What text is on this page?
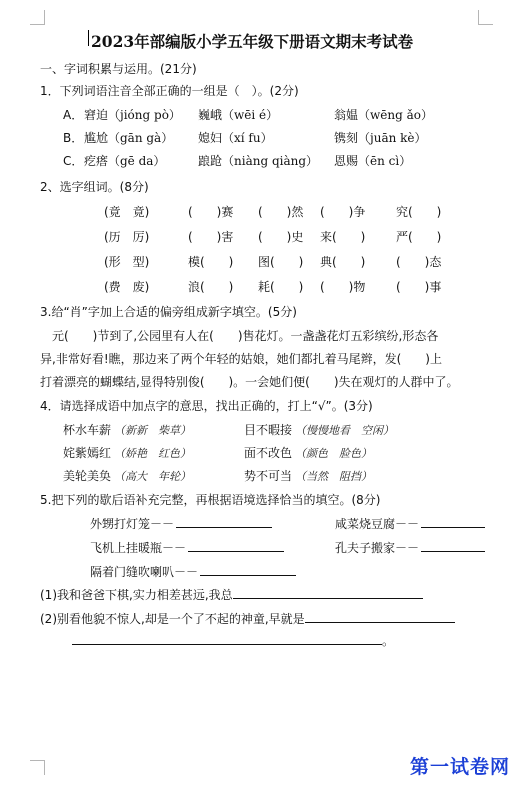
2023年部编版小学五年级下册语文期末考试卷
一、字词积累与运用。(21分)
1．下列词语注音全部正确的一组是（　）。(2分)
A． 窘迫（jióng pò） 巍峨（wēi é）	翁媪（wēng ǎo）
B． 尴尬（gān gà） 媳妇（xí fu）	镌刻（juān kè）
C． 疙瘩（gē da）	踉跄（niàng qiàng） 恩赐（ēn cì）
2、选字组词。(8分)
(竟　竟)	(　　)赛 (　　)然 (　　)争	究(　　)
(历　厉)	(　　)害 (　　)史 来(　　)	严(　　)
(形　型)	模(　　) 图(　　) 典(　　)	(　　)态
(费　废)	浪(　　) 耗(　　) (　　)物	(　　)事
3.给“肖”字加上合适的偏旁组成新字填空。(5分)
　元(　　)节到了,公园里有人在(　　)售花灯。一盏盏花灯五彩缤纷,形态各
异,非常好看!瞧，那边来了两个年轻的姑娘，她们都扎着马尾辫，发(　　)上
打着漂亮的蝴蝶结,显得特别俊(　　)。一会她们便(　　)失在观灯的人群中了。
4．请选择成语中加点字的意思，找出正确的，打上“√”。(3分)
杯水车薪 （新新　柴草）	目不暇接 （慢慢地看　空闲）
姹紫嫣红 （娇艳　红色）	面不改色 （颜色　脸色）
美轮美奂 （高大　年轮）	势不可当 （当然　阻挡）
5.把下列的歇后语补充完整，再根据语境选择恰当的填空。(8分)
外甥打灯笼－－	咸菜烧豆腐－－
飞机上挂暖瓶－－	孔夫子搬家－－
隔着门缝吹喇叭－－
(1)我和爸爸下棋,实力相差甚远,我总
(2)别看他貌不惊人,却是一个了不起的神童,早就是
。
第一试卷网
